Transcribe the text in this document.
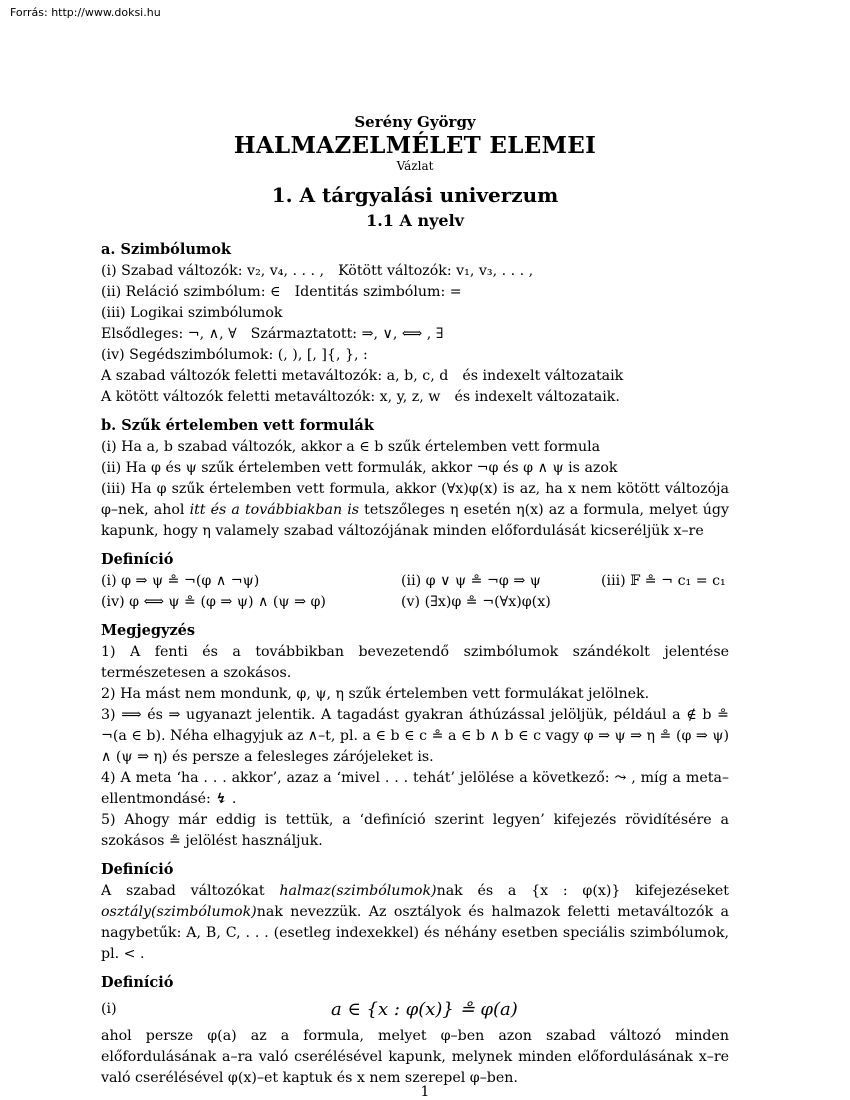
Forrás: http://www.doksi.hu
Serény György
HALMAZELMÉLET ELEMEI
Vázlat
1. A tárgyalási univerzum
1.1 A nyelv
a. Szimbólumok
(i) Szabad változók: v₂, v₄, . . . , Kötött változók: v₁, v₃, . . . ,
(ii) Reláció szimbólum: ∈ Identitás szimbólum: =
(iii) Logikai szimbólumok
Elsődleges: ¬, ∧, ∀ Származtatott: ⇒, ∨, ⟺ , ∃
(iv) Segédszimbólumok: (, ), [, ]{, }, :
A szabad változók feletti metaváltozók: a, b, c, d és indexelt változataik
A kötött változók feletti metaváltozók: x, y, z, w és indexelt változataik.
b. Szűk értelemben vett formulák
(i) Ha a, b szabad változók, akkor a ∈ b szűk értelemben vett formula
(ii) Ha φ és ψ szűk értelemben vett formulák, akkor ¬φ és φ ∧ ψ is azok
(iii) Ha φ szűk értelemben vett formula, akkor (∀x)φ(x) is az, ha x nem kötött változója φ–nek, ahol itt és a továbbiakban is tetszőleges η esetén η(x) az a formula, melyet úgy kapunk, hogy η valamely szabad változójának minden előfordulását kicseréljük x–re
Definíció
(i) φ ⇒ ψ ≗ ¬(φ ∧ ¬ψ)	(ii) φ ∨ ψ ≗ ¬φ ⇒ ψ	(iii) 𝔽 ≗ ¬ c₁ = c₁
(iv) φ ⟺ ψ ≗ (φ ⇒ ψ) ∧ (ψ ⇒ φ)	(v) (∃x)φ ≗ ¬(∀x)φ(x)	
Megjegyzés
1) A fenti és a továbbikban bevezetendő szimbólumok szándékolt jelentése természetesen a szokásos.
2) Ha mást nem mondunk, φ, ψ, η szűk értelemben vett formulákat jelölnek.
3) ⟹ és ⇒ ugyanazt jelentik. A tagadást gyakran áthúzással jelöljük, például a ∉ b ≗ ¬(a ∈ b). Néha elhagyjuk az ∧–t, pl. a ∈ b ∈ c ≗ a ∈ b ∧ b ∈ c vagy φ ⇒ ψ ⇒ η ≗ (φ ⇒ ψ) ∧ (ψ ⇒ η) és persze a felesleges zárójeleket is.
4) A meta ‘ha . . . akkor’, azaz a ‘mivel . . . tehát’ jelölése a következő: ⤳ , míg a meta–ellentmondásé: ↯ .
5) Ahogy már eddig is tettük, a ‘definíció szerint legyen’ kifejezés rövidítésére a szokásos ≗ jelölést használjuk.
Definíció
A szabad változókat halmaz(szimbólumok)nak és a {x : φ(x)} kifejezéseket osztály(szimbólumok)nak nevezzük. Az osztályok és halmazok feletti metaváltozók a nagybetűk: A, B, C, . . . (esetleg indexekkel) és néhány esetben speciális szimbólumok, pl. < .
Definíció
(i)	a ∈ {x : φ(x)} ≗ φ(a)
ahol persze φ(a) az a formula, melyet φ–ben azon szabad változó minden előfordulásának a–ra való cserélésével kapunk, melynek minden előfordulásának x–re való cserélésével φ(x)–et kaptuk és x nem szerepel φ–ben.
1
